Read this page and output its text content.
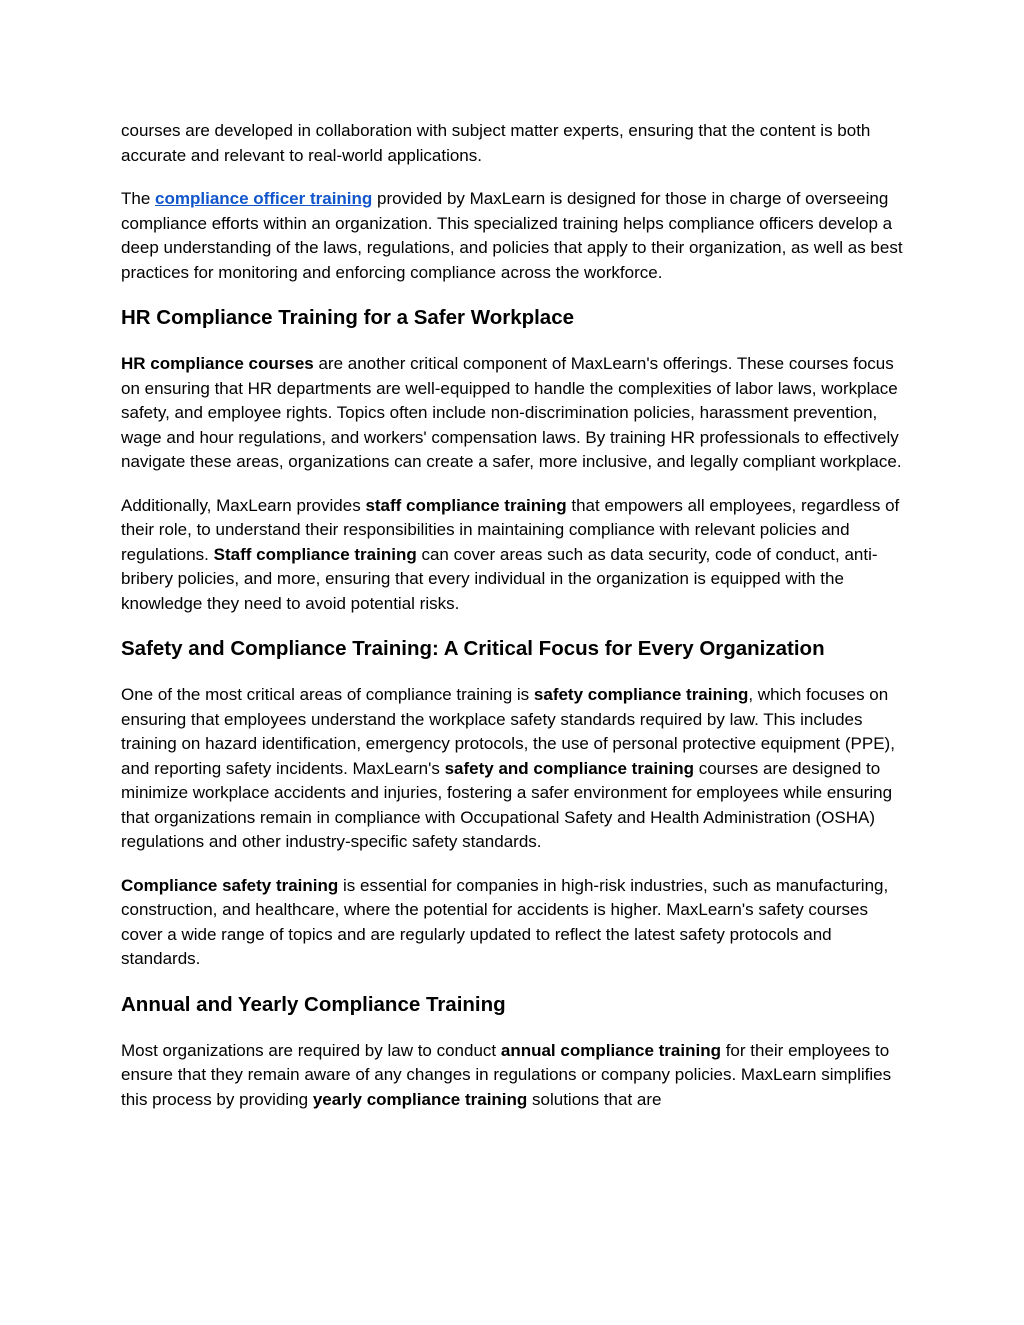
courses are developed in collaboration with subject matter experts, ensuring that the content is both accurate and relevant to real-world applications.

The compliance officer training provided by MaxLearn is designed for those in charge of overseeing compliance efforts within an organization. This specialized training helps compliance officers develop a deep understanding of the laws, regulations, and policies that apply to their organization, as well as best practices for monitoring and enforcing compliance across the workforce.

HR Compliance Training for a Safer Workplace

HR compliance courses are another critical component of MaxLearn's offerings. These courses focus on ensuring that HR departments are well-equipped to handle the complexities of labor laws, workplace safety, and employee rights. Topics often include non-discrimination policies, harassment prevention, wage and hour regulations, and workers' compensation laws. By training HR professionals to effectively navigate these areas, organizations can create a safer, more inclusive, and legally compliant workplace.

Additionally, MaxLearn provides staff compliance training that empowers all employees, regardless of their role, to understand their responsibilities in maintaining compliance with relevant policies and regulations. Staff compliance training can cover areas such as data security, code of conduct, anti-bribery policies, and more, ensuring that every individual in the organization is equipped with the knowledge they need to avoid potential risks.

Safety and Compliance Training: A Critical Focus for Every Organization

One of the most critical areas of compliance training is safety compliance training, which focuses on ensuring that employees understand the workplace safety standards required by law. This includes training on hazard identification, emergency protocols, the use of personal protective equipment (PPE), and reporting safety incidents. MaxLearn's safety and compliance training courses are designed to minimize workplace accidents and injuries, fostering a safer environment for employees while ensuring that organizations remain in compliance with Occupational Safety and Health Administration (OSHA) regulations and other industry-specific safety standards.

Compliance safety training is essential for companies in high-risk industries, such as manufacturing, construction, and healthcare, where the potential for accidents is higher. MaxLearn's safety courses cover a wide range of topics and are regularly updated to reflect the latest safety protocols and standards.

Annual and Yearly Compliance Training

Most organizations are required by law to conduct annual compliance training for their employees to ensure that they remain aware of any changes in regulations or company policies. MaxLearn simplifies this process by providing yearly compliance training solutions that are
